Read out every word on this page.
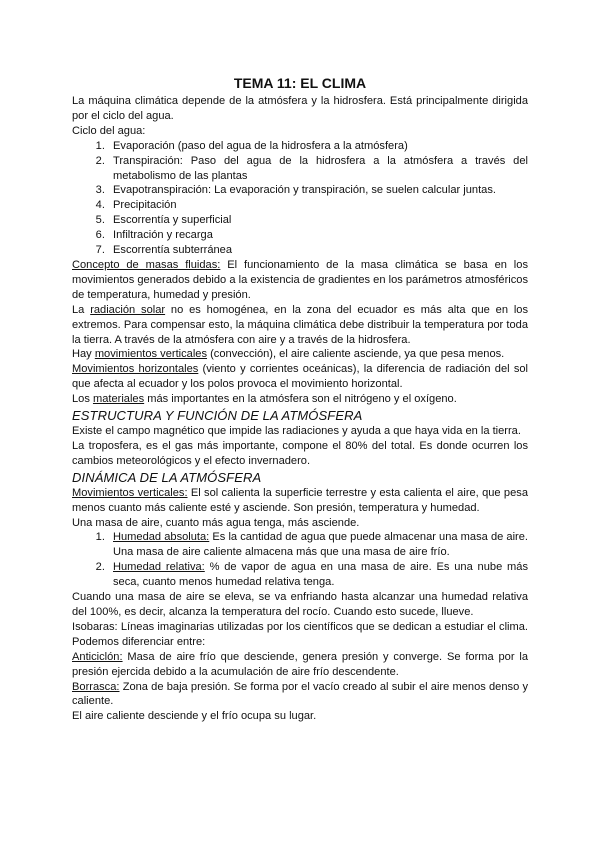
TEMA 11: EL CLIMA

La máquina climática depende de la atmósfera y la hidrosfera. Está principalmente dirigida por el ciclo del agua.

Ciclo del agua:

1. Evaporación (paso del agua de la hidrosfera a la atmósfera)
2. Transpiración: Paso del agua de la hidrosfera a la atmósfera a través del metabolismo de las plantas
3. Evapotranspiración: La evaporación y transpiración, se suelen calcular juntas.
4. Precipitación
5. Escorrentía y superficial
6. Infiltración y recarga
7. Escorrentía subterránea

Concepto de masas fluidas: El funcionamiento de la masa climática se basa en los movimientos generados debido a la existencia de gradientes en los parámetros atmosféricos de temperatura, humedad y presión.

La radiación solar no es homogénea, en la zona del ecuador es más alta que en los extremos. Para compensar esto, la máquina climática debe distribuir la temperatura por toda la tierra. A través de la atmósfera con aire y a través de la hidrosfera.

Hay movimientos verticales (convección), el aire caliente asciende, ya que pesa menos.

Movimientos horizontales (viento y corrientes oceánicas), la diferencia de radiación del sol que afecta al ecuador y los polos provoca el movimiento horizontal.

Los materiales más importantes en la atmósfera son el nitrógeno y el oxígeno.

ESTRUCTURA Y FUNCIÓN DE LA ATMÓSFERA

Existe el campo magnético que impide las radiaciones y ayuda a que haya vida en la tierra.

La troposfera, es el gas más importante, compone el 80% del total. Es donde ocurren los cambios meteorológicos y el efecto invernadero.

DINÁMICA DE LA ATMÓSFERA

Movimientos verticales: El sol calienta la superficie terrestre y esta calienta el aire, que pesa menos cuanto más caliente esté y asciende. Son presión, temperatura y humedad.

Una masa de aire, cuanto más agua tenga, más asciende.

1. Humedad absoluta: Es la cantidad de agua que puede almacenar una masa de aire. Una masa de aire caliente almacena más que una masa de aire frío.
2. Humedad relativa: % de vapor de agua en una masa de aire. Es una nube más seca, cuanto menos humedad relativa tenga.

Cuando una masa de aire se eleva, se va enfriando hasta alcanzar una humedad relativa del 100%, es decir, alcanza la temperatura del rocío. Cuando esto sucede, llueve.

Isobaras: Líneas imaginarias utilizadas por los científicos que se dedican a estudiar el clima. Podemos diferenciar entre:

Anticiclón: Masa de aire frío que desciende, genera presión y converge. Se forma por la presión ejercida debido a la acumulación de aire frío descendente.

Borrasca: Zona de baja presión. Se forma por el vacío creado al subir el aire menos denso y caliente.

El aire caliente desciende y el frío ocupa su lugar.
